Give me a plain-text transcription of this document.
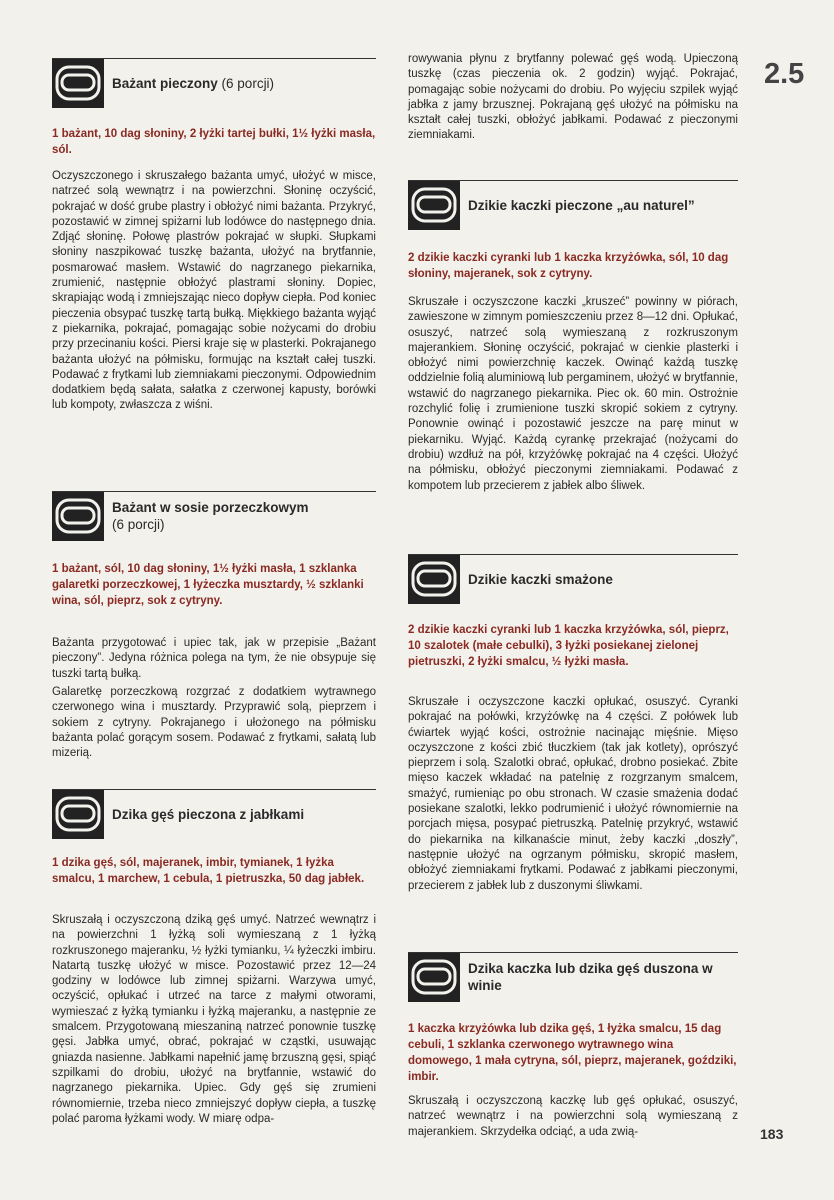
2.5
183
Bażant pieczony (6 porcji)
1 bażant, 10 dag słoniny, 2 łyżki tartej bułki, 1½ łyżki masła, sól.
Oczyszczonego i skruszałego bażanta umyć, ułożyć w misce, natrzeć solą wewnątrz i na powierzchni. Słoninę oczyścić, pokrajać w dość grube plastry i obłożyć nimi bażanta. Przykryć, pozostawić w zimnej spiżarni lub lodówce do następnego dnia. Zdjąć słoninę. Połowę plastrów pokrajać w słupki. Słupkami słoniny naszpikować tuszkę bażanta, ułożyć na brytfannie, posmarować masłem. Wstawić do nagrzanego piekarnika, zrumienić, następnie obłożyć plastrami słoniny. Dopiec, skrapiając wodą i zmniejszając nieco dopływ ciepła. Pod koniec pieczenia obsypać tuszkę tartą bułką. Miękkiego bażanta wyjąć z piekarnika, pokrajać, pomagając sobie nożycami do drobiu przy przecinaniu kości. Piersi kraje się w plasterki. Pokrajanego bażanta ułożyć na półmisku, formując na kształt całej tuszki. Podawać z frytkami lub ziemniakami pieczonymi. Odpowiednim dodatkiem będą sałata, sałatka z czerwonej kapusty, borówki lub kompoty, zwłaszcza z wiśni.
Bażant w sosie porzeczkowym
(6 porcji)
1 bażant, sól, 10 dag słoniny, 1½ łyżki masła, 1 szklanka galaretki porzeczkowej, 1 łyżeczka musztardy, ½ szklanki wina, sól, pieprz, sok z cytryny.
Bażanta przygotować i upiec tak, jak w przepisie „Bażant pieczony”. Jedyna różnica polega na tym, że nie obsypuje się tuszki tartą bułką.
Galaretkę porzeczkową rozgrzać z dodatkiem wytrawnego czerwonego wina i musztardy. Przyprawić solą, pieprzem i sokiem z cytryny. Pokrajanego i ułożonego na półmisku bażanta polać gorącym sosem. Podawać z frytkami, sałatą lub mizerią.
Dzika gęś pieczona z jabłkami
1 dzika gęś, sól, majeranek, imbir, tymianek, 1 łyżka smalcu, 1 marchew, 1 cebula, 1 pietruszka, 50 dag jabłek.
Skruszałą i oczyszczoną dziką gęś umyć. Natrzeć wewnątrz i na powierzchni 1 łyżką soli wymieszaną z 1 łyżką rozkruszonego majeranku, ½ łyżki tymianku, ¼ łyżeczki imbiru. Natartą tuszkę ułożyć w misce. Pozostawić przez 12—24 godziny w lodówce lub zimnej spiżarni. Warzywa umyć, oczyścić, opłukać i utrzeć na tarce z małymi otworami, wymieszać z łyżką tymianku i łyżką majeranku, a następnie ze smalcem. Przygotowaną mieszaniną natrzeć ponownie tuszkę gęsi. Jabłka umyć, obrać, pokrajać w cząstki, usuwając gniazda nasienne. Jabłkami napełnić jamę brzuszną gęsi, spiąć szpilkami do drobiu, ułożyć na brytfannie, wstawić do nagrzanego piekarnika. Upiec. Gdy gęś się zrumieni równomiernie, trzeba nieco zmniejszyć dopływ ciepła, a tuszkę polać paroma łyżkami wody. W miarę odpa-
rowywania płynu z brytfanny polewać gęś wodą. Upieczoną tuszkę (czas pieczenia ok. 2 godzin) wyjąć. Pokrajać, pomagając sobie nożycami do drobiu. Po wyjęciu szpilek wyjąć jabłka z jamy brzusznej. Pokrajaną gęś ułożyć na półmisku na kształt całej tuszki, obłożyć jabłkami. Podawać z pieczonymi ziemniakami.
Dzikie kaczki pieczone „au naturel”
2 dzikie kaczki cyranki lub 1 kaczka krzyżówka, sól, 10 dag słoniny, majeranek, sok z cytryny.
Skruszałe i oczyszczone kaczki „kruszeć” powinny w piórach, zawieszone w zimnym pomieszczeniu przez 8—12 dni. Opłukać, osuszyć, natrzeć solą wymieszaną z rozkruszonym majerankiem. Słoninę oczyścić, pokrajać w cienkie plasterki i obłożyć nimi powierzchnię kaczek. Owinąć każdą tuszkę oddzielnie folią aluminiową lub pergaminem, ułożyć w brytfannie, wstawić do nagrzanego piekarnika. Piec ok. 60 min. Ostrożnie rozchylić folię i zrumienione tuszki skropić sokiem z cytryny. Ponownie owinąć i pozostawić jeszcze na parę minut w piekarniku. Wyjąć. Każdą cyrankę przekrajać (nożycami do drobiu) wzdłuż na pół, krzyżówkę pokrajać na 4 części. Ułożyć na półmisku, obłożyć pieczonymi ziemniakami. Podawać z kompotem lub przecierem z jabłek albo śliwek.
Dzikie kaczki smażone
2 dzikie kaczki cyranki lub 1 kaczka krzyżówka, sól, pieprz, 10 szalotek (małe cebulki), 3 łyżki posiekanej zielonej pietruszki, 2 łyżki smalcu, ½ łyżki masła.
Skruszałe i oczyszczone kaczki opłukać, osuszyć. Cyranki pokrajać na połówki, krzyżówkę na 4 części. Z połówek lub ćwiartek wyjąć kości, ostrożnie nacinając mięśnie. Mięso oczyszczone z kości zbić tłuczkiem (tak jak kotlety), oprószyć pieprzem i solą. Szalotki obrać, opłukać, drobno posiekać. Zbite mięso kaczek wkładać na patelnię z rozgrzanym smalcem, smażyć, rumieniąc po obu stronach. W czasie smażenia dodać posiekane szalotki, lekko podrumienić i ułożyć równomiernie na porcjach mięsa, posypać pietruszką. Patelnię przykryć, wstawić do piekarnika na kilkanaście minut, żeby kaczki „doszły”, następnie ułożyć na ogrzanym półmisku, skropić masłem, obłożyć ziemniakami frytkami. Podawać z jabłkami pieczonymi, przecierem z jabłek lub z duszonymi śliwkami.
Dzika kaczka lub dzika gęś duszona w winie
1 kaczka krzyżówka lub dzika gęś, 1 łyżka smalcu, 15 dag cebuli, 1 szklanka czerwonego wytrawnego wina domowego, 1 mała cytryna, sól, pieprz, majeranek, goździki, imbir.
Skruszałą i oczyszczoną kaczkę lub gęś opłukać, osuszyć, natrzeć wewnątrz i na powierzchni solą wymieszaną z majerankiem. Skrzydełka odciąć, a uda zwią-
